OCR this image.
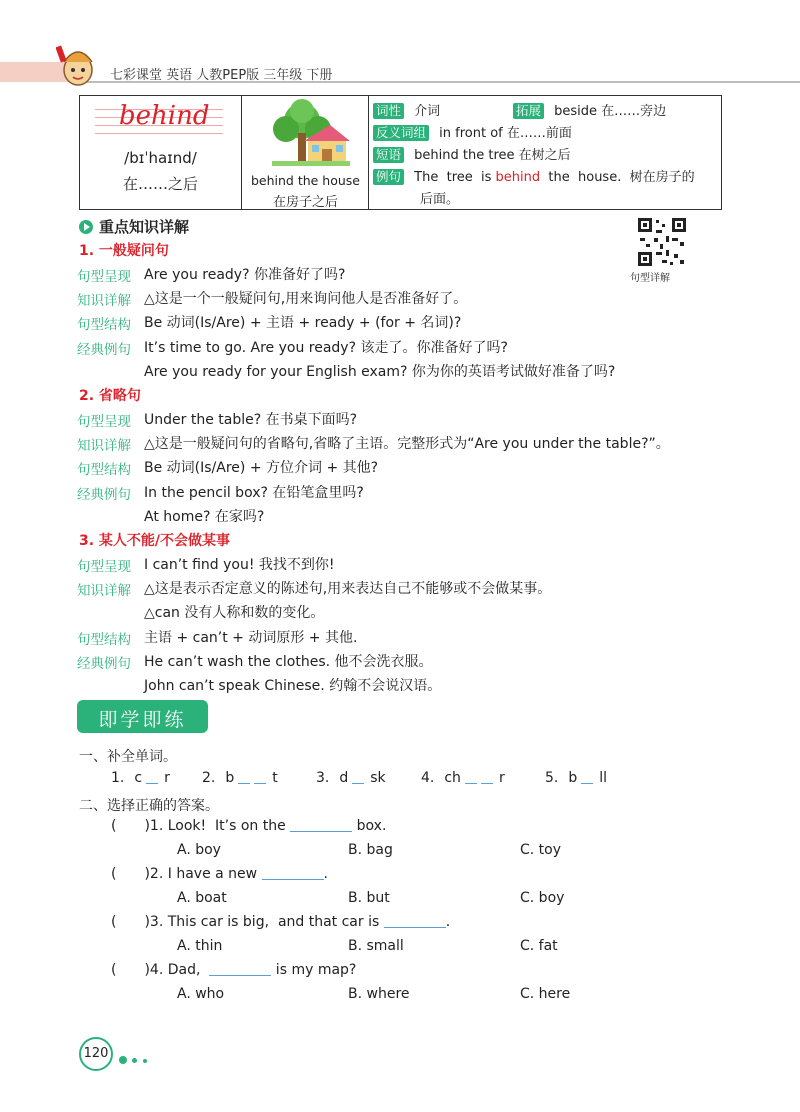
七彩课堂 英语 人教PEP版 三年级 下册
behind
/bɪˈhaɪnd/
在……之后	behind the house
在房子之后
词性 介词	拓展 beside 在……旁边
反义词组 in front of 在……前面
短语 behind the tree 在树之后
例句 The  tree  is behind  the  house.  树在房子的
后面。
重点知识详解
句型详解
1. 一般疑问句
句型呈现 Are you ready? 你准备好了吗?
知识详解 △这是一个一般疑问句,用来询问他人是否准备好了。
句型结构 Be 动词(Is/Are) + 主语 + ready + (for + 名词)?
经典例句 It’s time to go. Are you ready? 该走了。你准备好了吗?
Are you ready for your English exam? 你为你的英语考试做好准备了吗?
2. 省略句
句型呈现 Under the table? 在书桌下面吗?
知识详解 △这是一般疑问句的省略句,省略了主语。完整形式为“Are you under the table?”。
句型结构 Be 动词(Is/Are) + 方位介词 + 其他?
经典例句 In the pencil box? 在铅笔盒里吗?
At home? 在家吗?
3. 某人不能/不会做某事
句型呈现 I can’t find you! 我找不到你!
知识详解 △这是表示否定意义的陈述句,用来表达自己不能够或不会做某事。
△can 没有人称和数的变化。
句型结构 主语 + can’t + 动词原形 + 其他.
经典例句 He can’t wash the clothes. 他不会洗衣服。
John can’t speak Chinese. 约翰不会说汉语。
即学即练
一、补全单词。
1. c r 2. b	t	3. d sk	4. ch	r	5. b ll
二、选择正确的答案。
( )1. Look!  It’s on the	box.
A. boy	B. bag	C. toy
( )2. I have a new	.
A. boat	B. but	C. boy
( )3. This car is big,  and that car is	.
A. thin	B. small	C. fat
( )4. Dad,	is my map?
A. who	B. where	C. here
120
